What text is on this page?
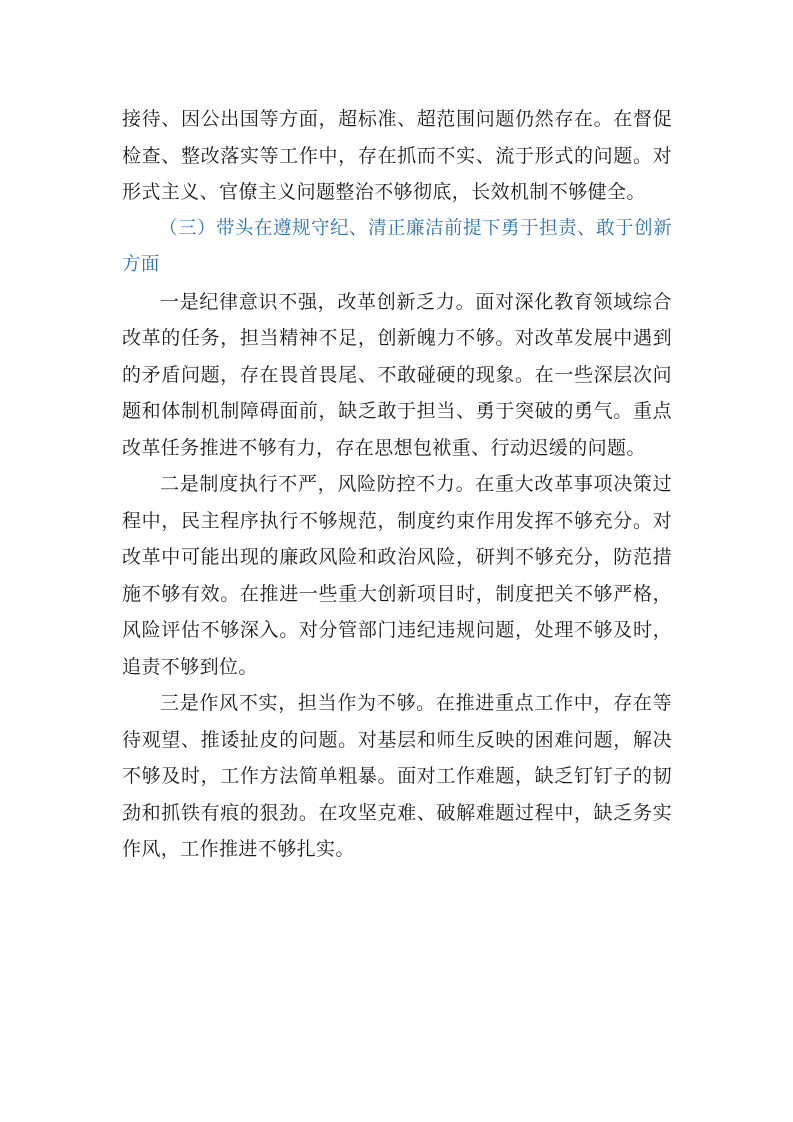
接待、因公出国等方面，超标准、超范围问题仍然存在。在督促检查、整改落实等工作中，存在抓而不实、流于形式的问题。对形式主义、官僚主义问题整治不够彻底，长效机制不够健全。

（三）带头在遵规守纪、清正廉洁前提下勇于担责、敢于创新方面

一是纪律意识不强，改革创新乏力。面对深化教育领域综合改革的任务，担当精神不足，创新魄力不够。对改革发展中遇到的矛盾问题，存在畏首畏尾、不敢碰硬的现象。在一些深层次问题和体制机制障碍面前，缺乏敢于担当、勇于突破的勇气。重点改革任务推进不够有力，存在思想包袱重、行动迟缓的问题。

二是制度执行不严，风险防控不力。在重大改革事项决策过程中，民主程序执行不够规范，制度约束作用发挥不够充分。对改革中可能出现的廉政风险和政治风险，研判不够充分，防范措施不够有效。在推进一些重大创新项目时，制度把关不够严格，风险评估不够深入。对分管部门违纪违规问题，处理不够及时，追责不够到位。

三是作风不实，担当作为不够。在推进重点工作中，存在等待观望、推诿扯皮的问题。对基层和师生反映的困难问题，解决不够及时，工作方法简单粗暴。面对工作难题，缺乏钉钉子的韧劲和抓铁有痕的狠劲。在攻坚克难、破解难题过程中，缺乏务实作风，工作推进不够扎实。
